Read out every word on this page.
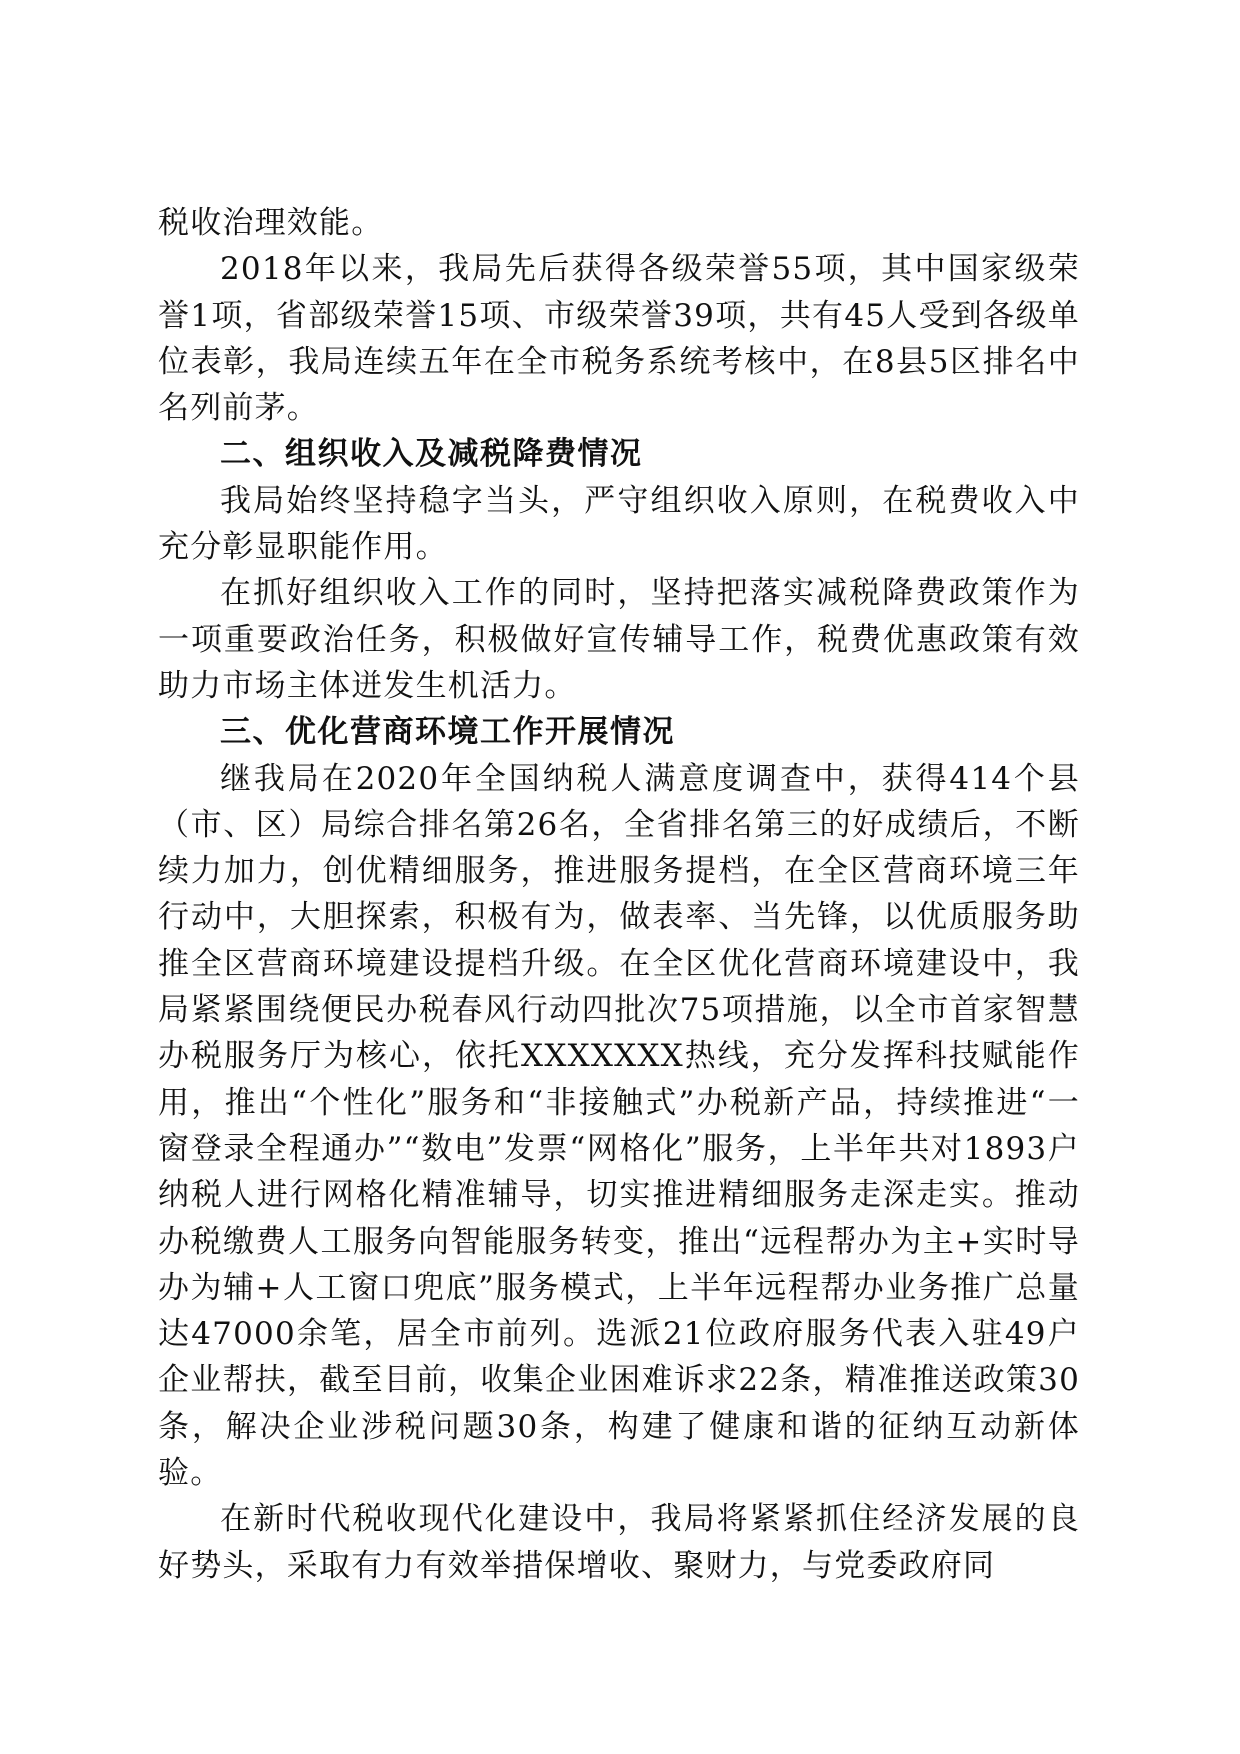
税收治理效能。

2018年以来，我局先后获得各级荣誉55项，其中国家级荣誉1项，省部级荣誉15项、市级荣誉39项，共有45人受到各级单位表彰，我局连续五年在全市税务系统考核中，在8县5区排名中名列前茅。

二、组织收入及减税降费情况

我局始终坚持稳字当头，严守组织收入原则，在税费收入中充分彰显职能作用。

在抓好组织收入工作的同时，坚持把落实减税降费政策作为一项重要政治任务，积极做好宣传辅导工作，税费优惠政策有效助力市场主体迸发生机活力。

三、优化营商环境工作开展情况

继我局在2020年全国纳税人满意度调查中，获得414个县（市、区）局综合排名第26名，全省排名第三的好成绩后，不断续力加力，创优精细服务，推进服务提档，在全区营商环境三年行动中，大胆探索，积极有为，做表率、当先锋，以优质服务助推全区营商环境建设提档升级。在全区优化营商环境建设中，我局紧紧围绕便民办税春风行动四批次75项措施，以全市首家智慧办税服务厅为核心，依托XXXXXXX热线，充分发挥科技赋能作用，推出“个性化”服务和“非接触式”办税新产品，持续推进“一窗登录全程通办”“数电”发票“网格化”服务，上半年共对1893户纳税人进行网格化精准辅导，切实推进精细服务走深走实。推动办税缴费人工服务向智能服务转变，推出“远程帮办为主+实时导办为辅+人工窗口兜底”服务模式，上半年远程帮办业务推广总量达47000余笔，居全市前列。选派21位政府服务代表入驻49户企业帮扶，截至目前，收集企业困难诉求22条，精准推送政策30条，解决企业涉税问题30条，构建了健康和谐的征纳互动新体验。

在新时代税收现代化建设中，我局将紧紧抓住经济发展的良好势头，采取有力有效举措保增收、聚财力，与党委政府同
